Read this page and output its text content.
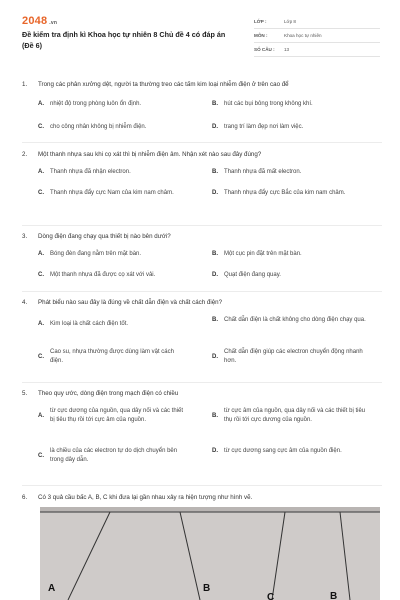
2048 .vn
Đề kiểm tra định kì Khoa học tự nhiên 8 Chủ đề 4 có đáp án (Đề 6)
LỚP :	Lớp 8
MÔN :	Khoa học tự nhiên
SỐ CÂU :	13
1.	Trong các phân xưởng dệt, người ta thường treo các tấm kim loại nhiễm điện ở trên cao để
A.	nhiệt độ trong phòng luôn ổn định.	B.	hút các bụi bông trong không khí.
C.	cho công nhân không bị nhiễm điện.	D.	trang trí làm đẹp nơi làm việc.
2.	Một thanh nhựa sau khi cọ xát thì bị nhiễm điện âm. Nhận xét nào sau đây đúng?
A.	Thanh nhựa đã nhận electron.	B.	Thanh nhựa đã mất electron.
C.	Thanh nhựa đẩy cực Nam của kim nam châm.	D.	Thanh nhựa đẩy cực Bắc của kim nam châm.
3.	Dòng điện đang chạy qua thiết bị nào bên dưới?
A.	Bóng đèn đang nằm trên mặt bàn.	B.	Một cục pin đặt trên mặt bàn.
C.	Một thanh nhựa đã được cọ xát với vải.	D.	Quạt điện đang quay.
4.	Phát biểu nào sau đây là đúng về chất dẫn điện và chất cách điện?
A.	Kim loại là chất cách điện tốt.
B.	Chất dẫn điện là chất không cho dòng điện chạy qua.
C.
Cao su, nhựa thường được dùng làm vật cách điện.
D.
Chất dẫn điện giúp các electron chuyển động nhanh hơn.
5.	Theo quy ước, dòng điện trong mạch điện có chiều
A.
từ cực dương của nguồn, qua dây nối và các thiết bị tiêu thụ rồi tới cực âm của nguồn.
B.
từ cực âm của nguồn, qua dây nối và các thiết bị tiêu thụ rồi tới cực dương của nguồn.
C.
là chiều của các electron tự do dịch chuyển bên trong dây dẫn.
D.	từ cực dương sang cực âm của nguồn điện.
6.	Có 3 quả cầu bấc A, B, C khi đưa lại gần nhau xảy ra hiện tượng như hình vẽ.
A	B
C	B
